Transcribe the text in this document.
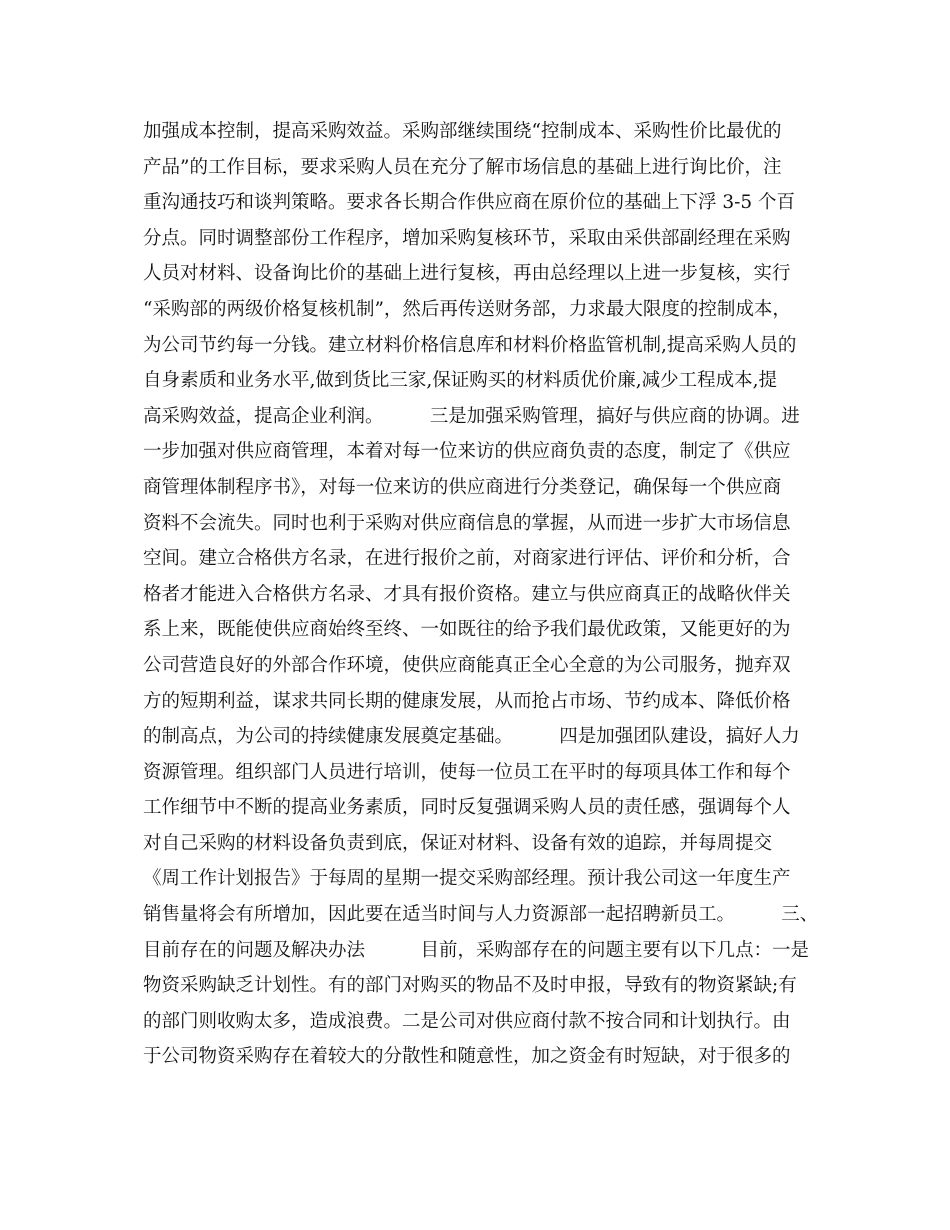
加强成本控制，提高采购效益。采购部继续围绕“控制成本、采购性价比最优的
产品”的工作目标，要求采购人员在充分了解市场信息的基础上进行询比价，注
重沟通技巧和谈判策略。要求各长期合作供应商在原价位的基础上下浮 3-5 个百
分点。同时调整部份工作程序，增加采购复核环节，采取由采供部副经理在采购
人员对材料、设备询比价的基础上进行复核，再由总经理以上进一步复核，实行
“采购部的两级价格复核机制”，然后再传送财务部，力求最大限度的控制成本，
为公司节约每一分钱。建立材料价格信息库和材料价格监管机制,提高采购人员的
自身素质和业务水平,做到货比三家,保证购买的材料质优价廉,减少工程成本,提
高采购效益，提高企业利润。　　　三是加强采购管理，搞好与供应商的协调。进
一步加强对供应商管理，本着对每一位来访的供应商负责的态度，制定了《供应
商管理体制程序书》，对每一位来访的供应商进行分类登记，确保每一个供应商
资料不会流失。同时也利于采购对供应商信息的掌握，从而进一步扩大市场信息
空间。建立合格供方名录，在进行报价之前，对商家进行评估、评价和分析，合
格者才能进入合格供方名录、才具有报价资格。建立与供应商真正的战略伙伴关
系上来，既能使供应商始终至终、一如既往的给予我们最优政策，又能更好的为
公司营造良好的外部合作环境，使供应商能真正全心全意的为公司服务，抛弃双
方的短期利益，谋求共同长期的健康发展，从而抢占市场、节约成本、降低价格
的制高点，为公司的持续健康发展奠定基础。　　　四是加强团队建设，搞好人力
资源管理。组织部门人员进行培训，使每一位员工在平时的每项具体工作和每个
工作细节中不断的提高业务素质，同时反复强调采购人员的责任感，强调每个人
对自己采购的材料设备负责到底，保证对材料、设备有效的追踪，并每周提交
《周工作计划报告》于每周的星期一提交采购部经理。预计我公司这一年度生产
销售量将会有所增加，因此要在适当时间与人力资源部一起招聘新员工。　　　三、
目前存在的问题及解决办法　　　目前，采购部存在的问题主要有以下几点：一是
物资采购缺乏计划性。有的部门对购买的物品不及时申报，导致有的物资紧缺;有
的部门则收购太多，造成浪费。二是公司对供应商付款不按合同和计划执行。由
于公司物资采购存在着较大的分散性和随意性，加之资金有时短缺，对于很多的
